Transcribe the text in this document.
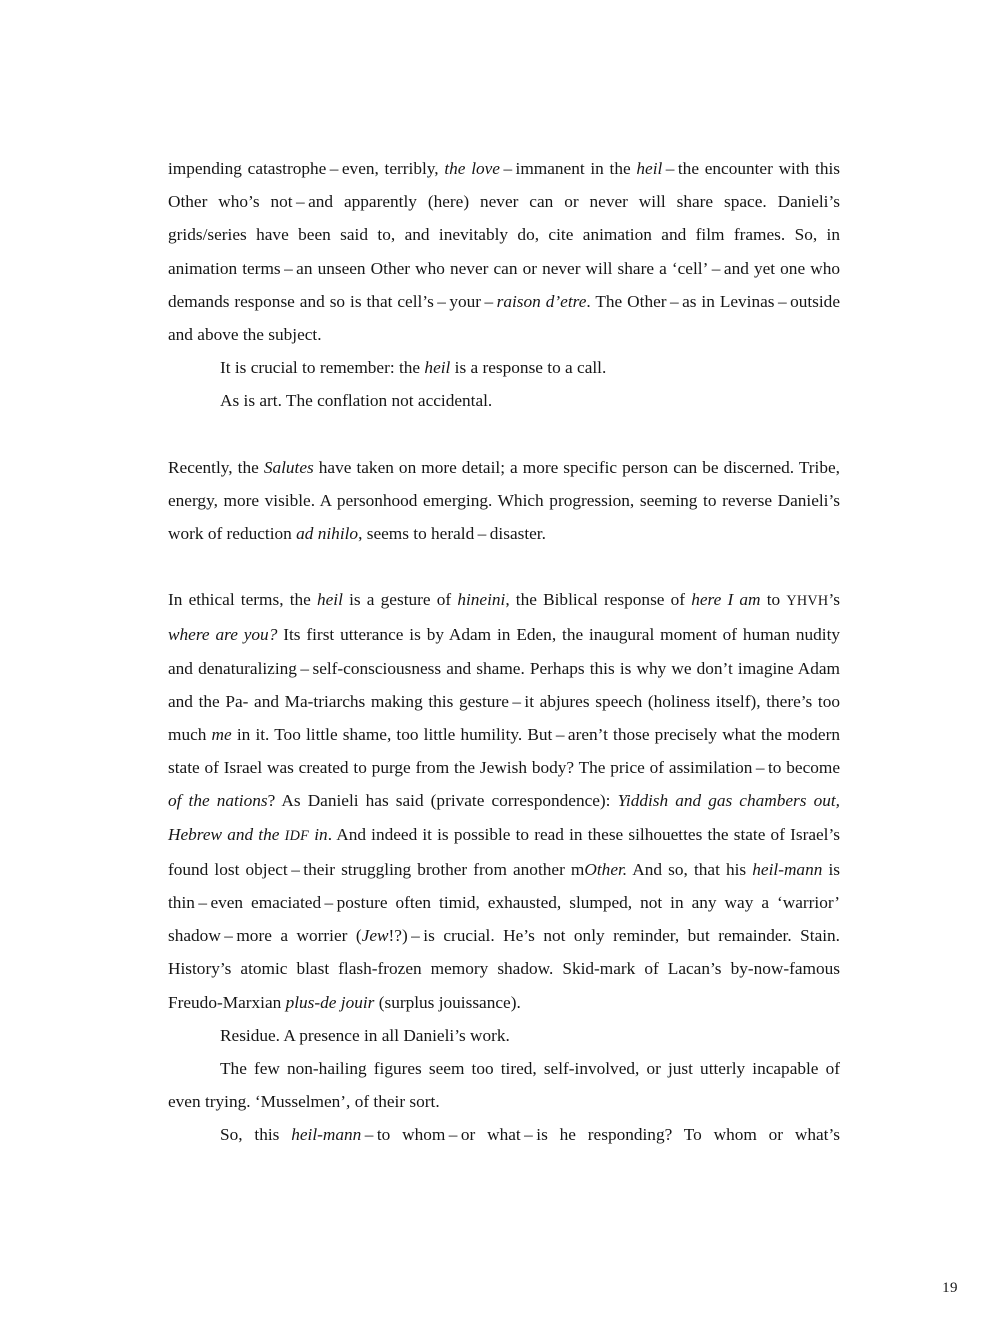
impending catastrophe – even, terribly, the love – immanent in the heil – the encounter with this Other who’s not – and apparently (here) never can or never will share space. Danieli’s grids/series have been said to, and inevitably do, cite animation and film frames. So, in animation terms – an unseen Other who never can or never will share a ‘cell’ – and yet one who demands response and so is that cell’s – your – raison d’etre. The Other – as in Levinas – outside and above the subject.

It is crucial to remember: the heil is a response to a call.

As is art. The conflation not accidental.

Recently, the Salutes have taken on more detail; a more specific person can be discerned. Tribe, energy, more visible. A personhood emerging. Which progression, seeming to reverse Danieli’s work of reduction ad nihilo, seems to herald – disaster.

In ethical terms, the heil is a gesture of hineini, the Biblical response of here I am to YHVH’s where are you? Its first utterance is by Adam in Eden, the inaugural moment of human nudity and denaturalizing – self-consciousness and shame. Perhaps this is why we don’t imagine Adam and the Pa- and Ma-triarchs making this gesture – it abjures speech (holiness itself), there’s too much me in it. Too little shame, too little humility. But – aren’t those precisely what the modern state of Israel was created to purge from the Jewish body? The price of assimilation – to become of the nations? As Danieli has said (private correspondence): Yiddish and gas chambers out, Hebrew and the IDF in. And indeed it is possible to read in these silhouettes the state of Israel’s found lost object – their struggling brother from another mOther. And so, that his heil-mann is thin – even emaciated – posture often timid, exhausted, slumped, not in any way a ‘warrior’ shadow – more a worrier (Jew!?) – is crucial. He’s not only reminder, but remainder. Stain. History’s atomic blast flash-frozen memory shadow. Skid-mark of Lacan’s by-now-famous Freudo-Marxian plus-de jouir (surplus jouissance).

Residue. A presence in all Danieli’s work.

The few non-hailing figures seem too tired, self-involved, or just utterly incapable of even trying. ‘Musselmen’, of their sort.

So, this heil-mann – to whom – or what – is he responding? To whom or what’s

19
